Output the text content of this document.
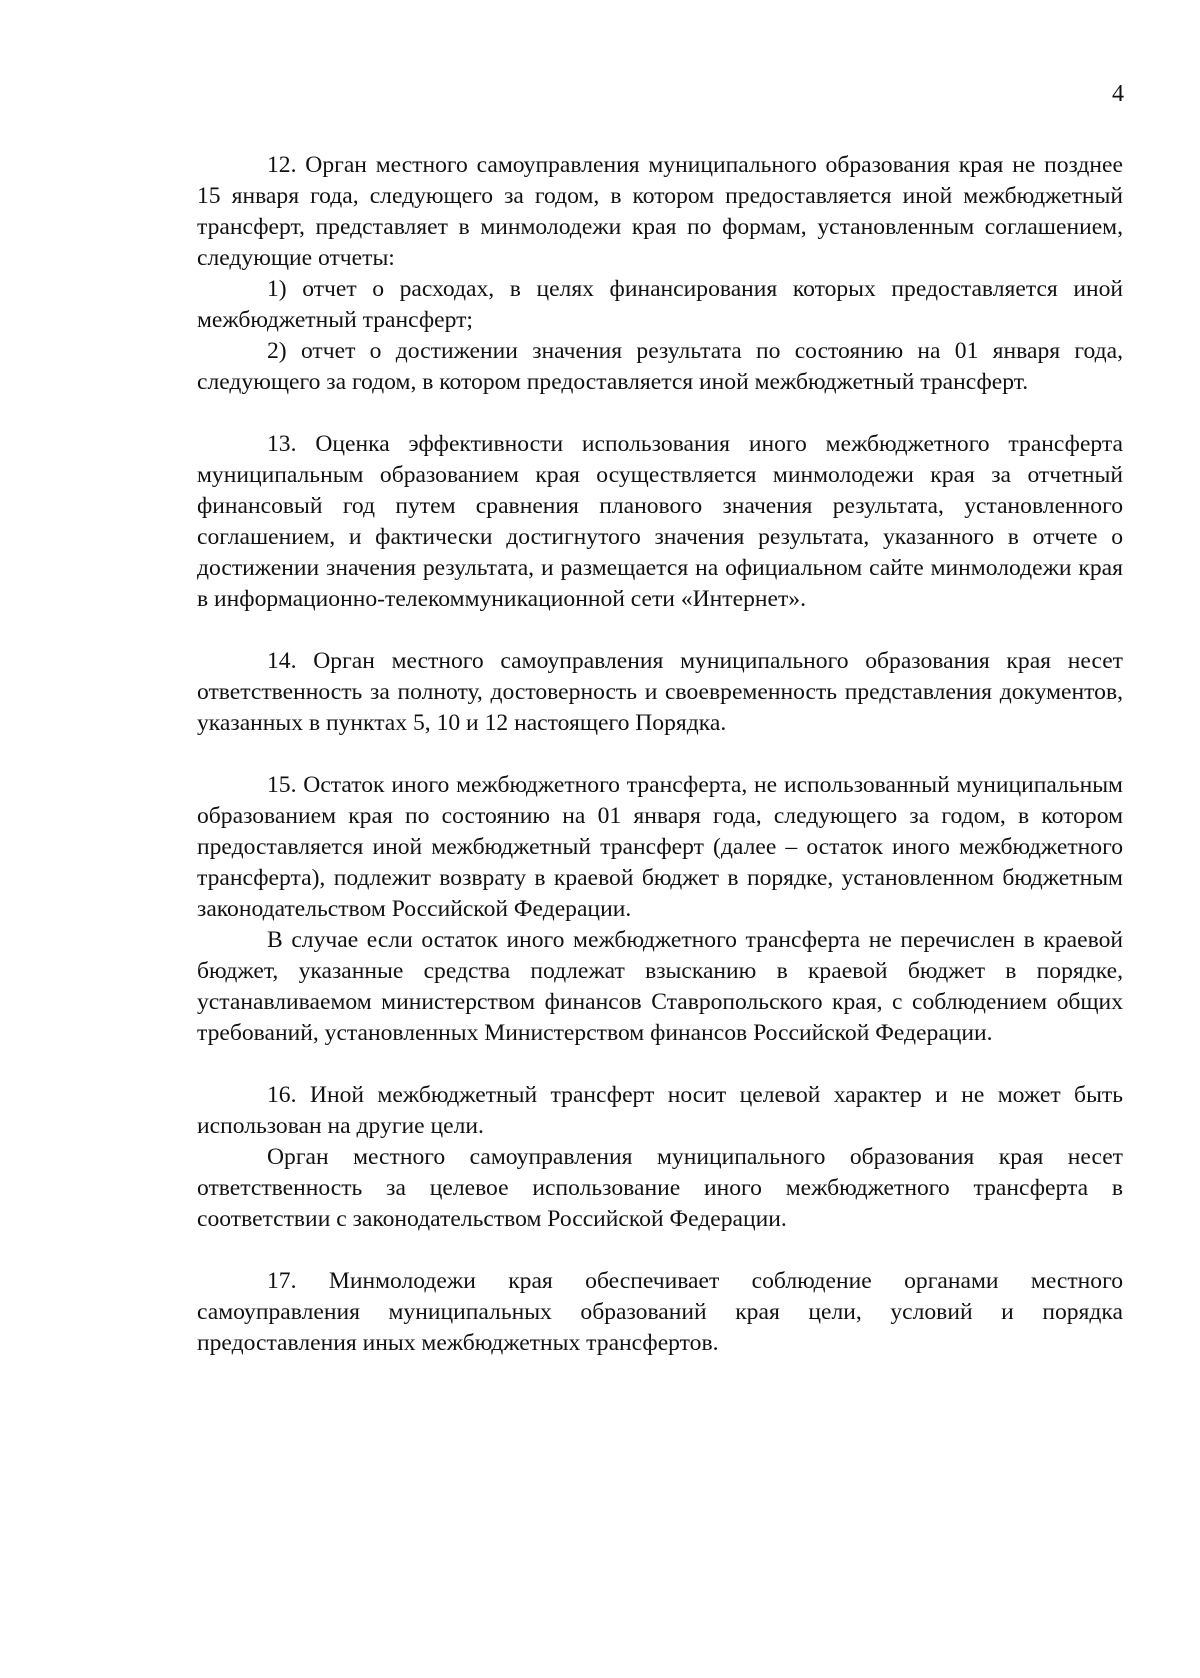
4

12. Орган местного самоуправления муниципального образования края не позднее 15 января года, следующего за годом, в котором предоставляется иной межбюджетный трансферт, представляет в минмолодежи края по формам, установленным соглашением, следующие отчеты:

1) отчет о расходах, в целях финансирования которых предоставляется иной межбюджетный трансферт;

2) отчет о достижении значения результата по состоянию на 01 января года, следующего за годом, в котором предоставляется иной межбюджетный трансферт.

13. Оценка эффективности использования иного межбюджетного трансферта муниципальным образованием края осуществляется минмолодежи края за отчетный финансовый год путем сравнения планового значения результата, установленного соглашением, и фактически достигнутого значения результата, указанного в отчете о достижении значения результата, и размещается на официальном сайте минмолодежи края в информационно-телекоммуникационной сети «Интернет».

14. Орган местного самоуправления муниципального образования края несет ответственность за полноту, достоверность и своевременность представления документов, указанных в пунктах 5, 10 и 12 настоящего Порядка.

15. Остаток иного межбюджетного трансферта, не использованный муниципальным образованием края по состоянию на 01 января года, следующего за годом, в котором предоставляется иной межбюджетный трансферт (далее – остаток иного межбюджетного трансферта), подлежит возврату в краевой бюджет в порядке, установленном бюджетным законодательством Российской Федерации.

В случае если остаток иного межбюджетного трансферта не перечислен в краевой бюджет, указанные средства подлежат взысканию в краевой бюджет в порядке, устанавливаемом министерством финансов Ставропольского края, с соблюдением общих требований, установленных Министерством финансов Российской Федерации.

16. Иной межбюджетный трансферт носит целевой характер и не может быть использован на другие цели.

Орган местного самоуправления муниципального образования края несет ответственность за целевое использование иного межбюджетного трансферта в соответствии с законодательством Российской Федерации.

17. Минмолодежи края обеспечивает соблюдение органами местного самоуправления муниципальных образований края цели, условий и порядка предоставления иных межбюджетных трансфертов.
